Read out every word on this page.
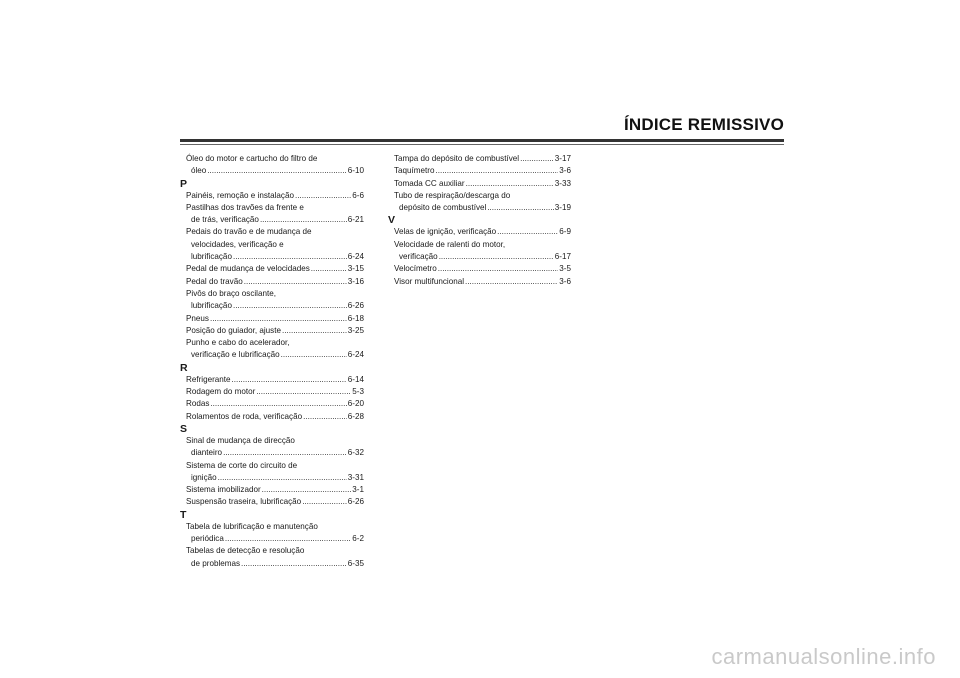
ÍNDICE REMISSIVO
Óleo do motor e cartucho do filtro de
óleo .....	6-10
P
Painéis, remoção e instalação .....	6-6
Pastilhas dos travões da frente e
de trás, verificação .....	6-21
Pedais do travão e de mudança de
velocidades, verificação e
lubrificação .....	6-24
Pedal de mudança de velocidades .....	3-15
Pedal do travão .....	3-16
Pivôs do braço oscilante,
lubrificação .....	6-26
Pneus .....	6-18
Posição do guiador, ajuste .....	3-25
Punho e cabo do acelerador,
verificação e lubrificação .....	6-24
R
Refrigerante .....	6-14
Rodagem do motor .....	5-3
Rodas .....	6-20
Rolamentos de roda, verificação .....	6-28
S
Sinal de mudança de direcção
dianteiro .....	6-32
Sistema de corte do circuito de
ignição .....	3-31
Sistema imobilizador .....	3-1
Suspensão traseira, lubrificação .....	6-26
T
Tabela de lubrificação e manutenção
periódica .....	6-2
Tabelas de detecção e resolução
de problemas .....	6-35
Tampa do depósito de combustível .....	3-17
Taquímetro .....	3-6
Tomada CC auxiliar .....	3-33
Tubo de respiração/descarga do
depósito de combustível .....	3-19
V
Velas de ignição, verificação .....	6-9
Velocidade de ralenti do motor,
verificação .....	6-17
Velocímetro .....	3-5
Visor multifuncional .....	3-6
carmanualsonline.info
